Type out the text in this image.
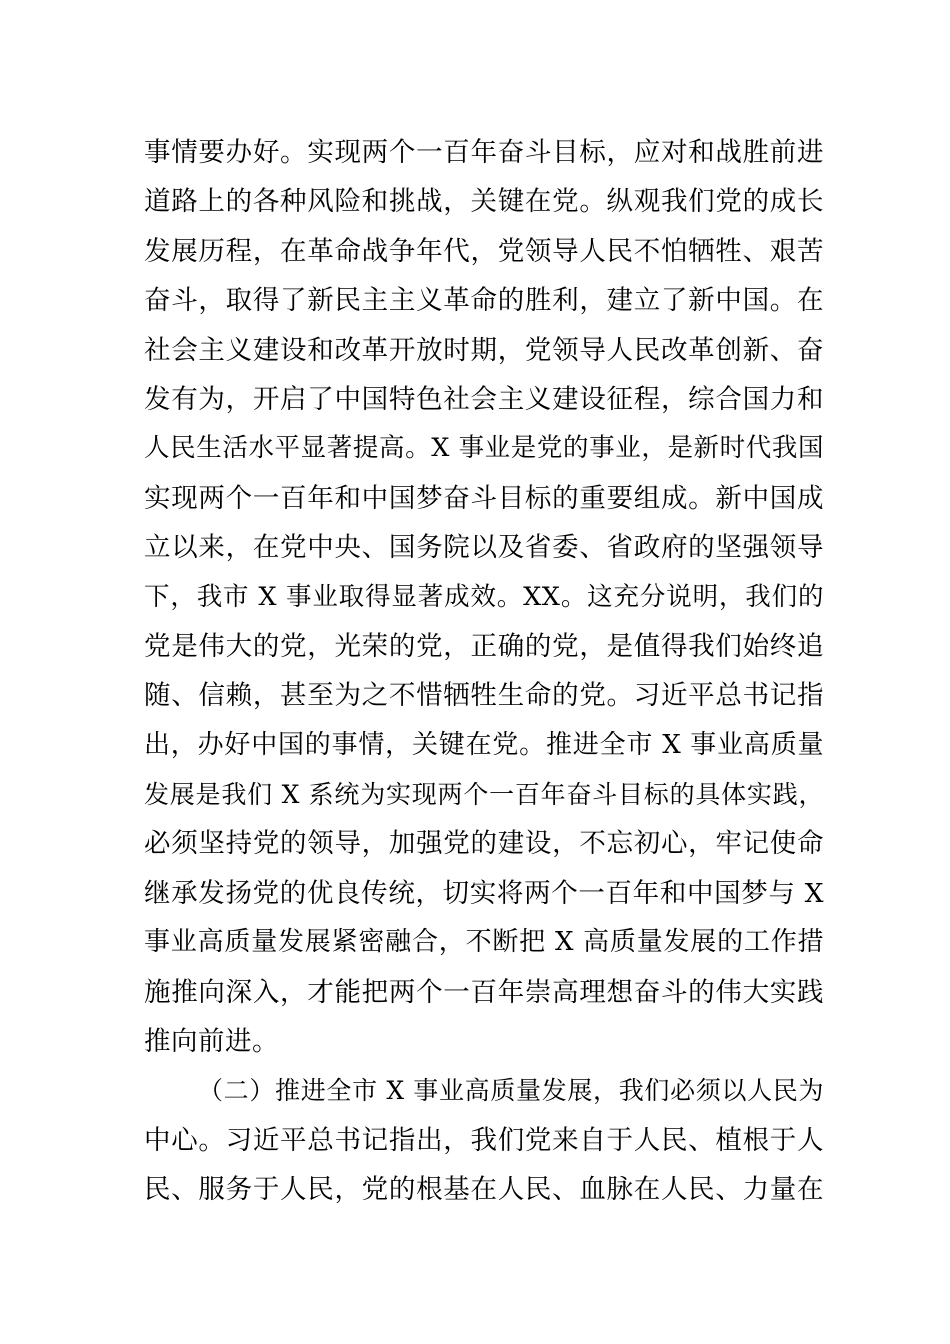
事情要办好。实现两个一百年奋斗目标，应对和战胜前进
道路上的各种风险和挑战，关键在党。纵观我们党的成长
发展历程，在革命战争年代，党领导人民不怕牺牲、艰苦
奋斗，取得了新民主主义革命的胜利，建立了新中国。在
社会主义建设和改革开放时期，党领导人民改革创新、奋
发有为，开启了中国特色社会主义建设征程，综合国力和
人民生活水平显著提高。X 事业是党的事业，是新时代我国
实现两个一百年和中国梦奋斗目标的重要组成。新中国成
立以来，在党中央、国务院以及省委、省政府的坚强领导
下，我市 X 事业取得显著成效。XX。这充分说明，我们的
党是伟大的党，光荣的党，正确的党，是值得我们始终追
随、信赖，甚至为之不惜牺牲生命的党。习近平总书记指
出，办好中国的事情，关键在党。推进全市 X 事业高质量
发展是我们 X 系统为实现两个一百年奋斗目标的具体实践，
必须坚持党的领导，加强党的建设，不忘初心，牢记使命
继承发扬党的优良传统，切实将两个一百年和中国梦与 X
事业高质量发展紧密融合，不断把 X 高质量发展的工作措
施推向深入，才能把两个一百年崇高理想奋斗的伟大实践
推向前进。
（二）推进全市 X 事业高质量发展，我们必须以人民为
中心。习近平总书记指出，我们党来自于人民、植根于人
民、服务于人民，党的根基在人民、血脉在人民、力量在
